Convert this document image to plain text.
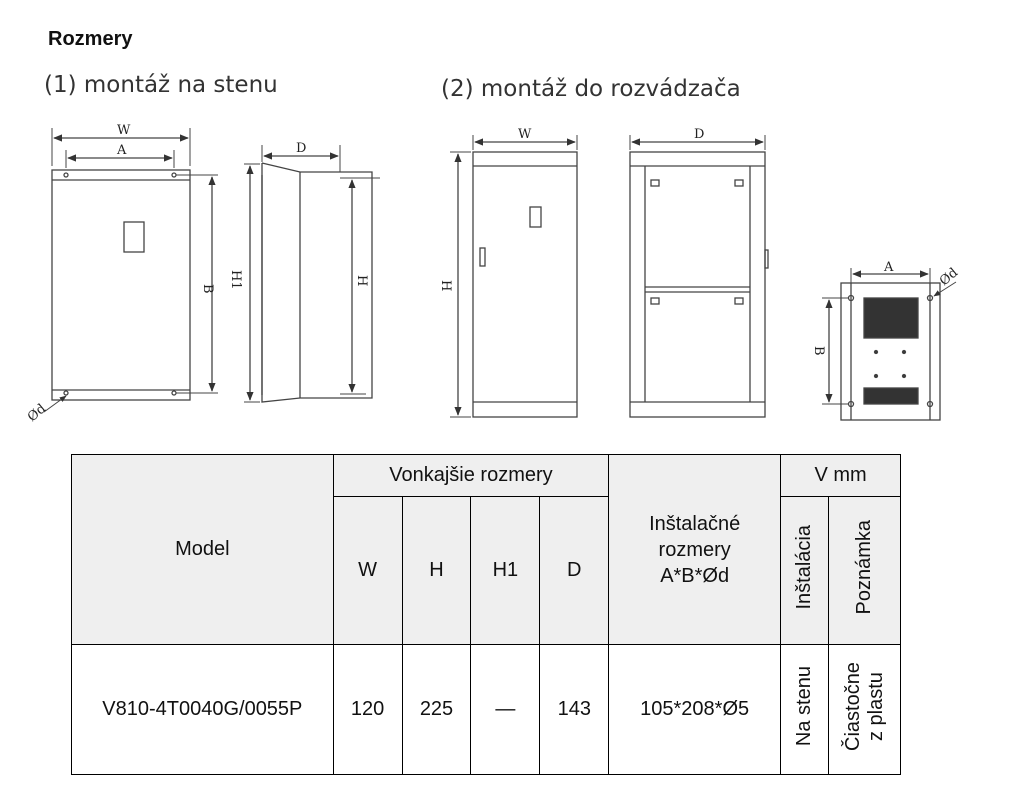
Rozmery
(1) montáž na stenu	(2) montáž do rozvádzača
W
A
B
Ød
D
H1	H
W
H
D
A
B
Ød
Model	Vonkajšie rozmery				Inštalačné rozmery A*B*Ød	V mm	
	W	H	H1	D		Inštalácia	Poznámka
V810-4T0040G/0055P	120	225	—	143	105*208*Ø5	Na stenu	Čiastočne z plastu
